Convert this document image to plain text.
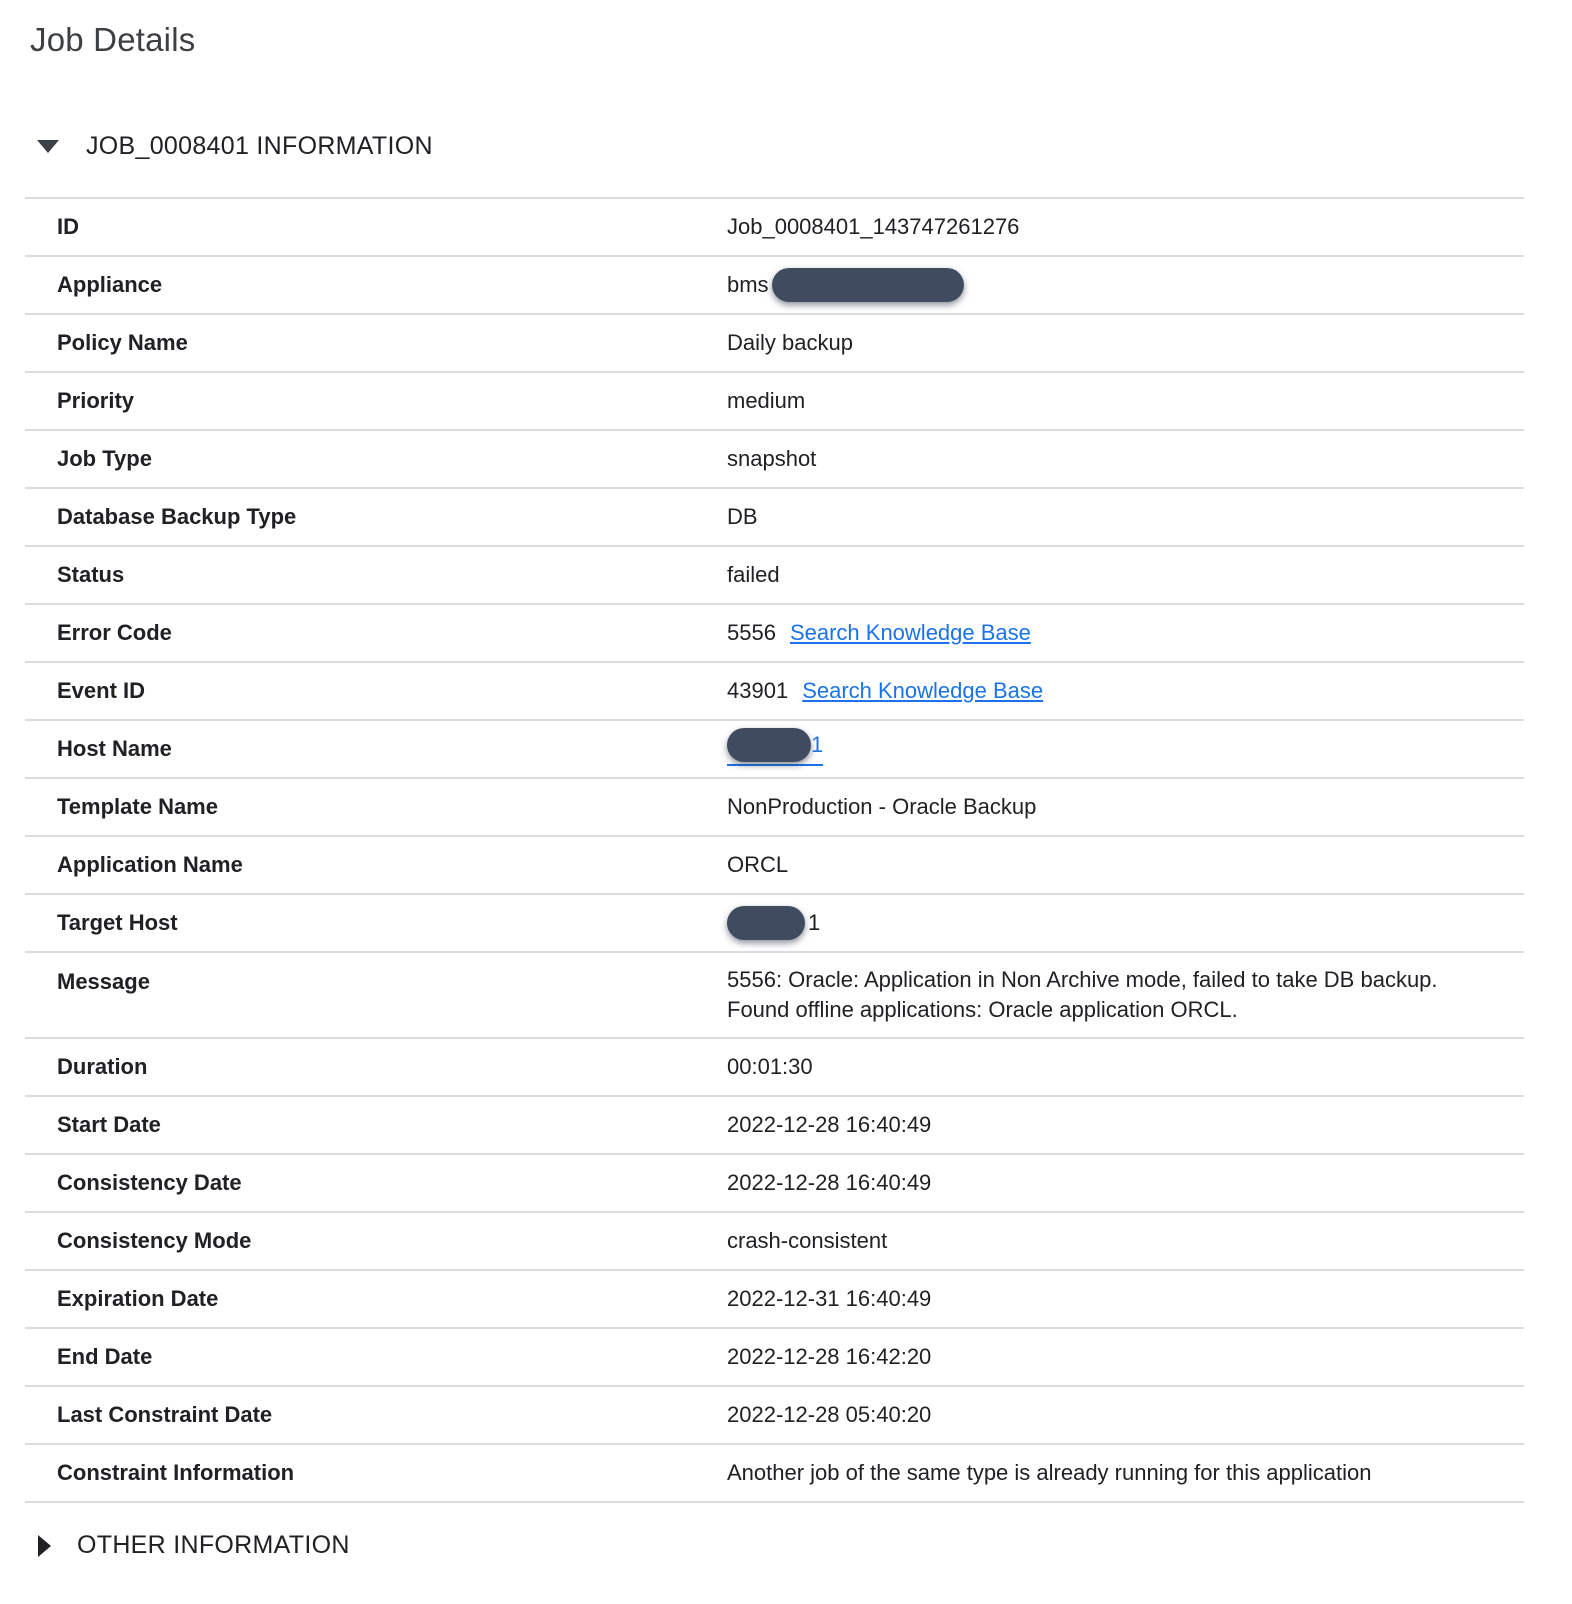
Job Details
JOB_0008401 INFORMATION
ID	Job_0008401_143747261276
Appliance	bms
Policy Name	Daily backup
Priority	medium
Job Type	snapshot
Database Backup Type	DB
Status	failed
Error Code	5556 Search Knowledge Base
Event ID	43901 Search Knowledge Base
Host Name	1
Template Name	NonProduction - Oracle Backup
Application Name	ORCL
Target Host	1
Message	5556: Oracle: Application in Non Archive mode, failed to take DB backup. Found offline applications: Oracle application ORCL.
Duration	00:01:30
Start Date	2022-12-28 16:40:49
Consistency Date	2022-12-28 16:40:49
Consistency Mode	crash-consistent
Expiration Date	2022-12-31 16:40:49
End Date	2022-12-28 16:42:20
Last Constraint Date	2022-12-28 05:40:20
Constraint Information	Another job of the same type is already running for this application
OTHER INFORMATION
